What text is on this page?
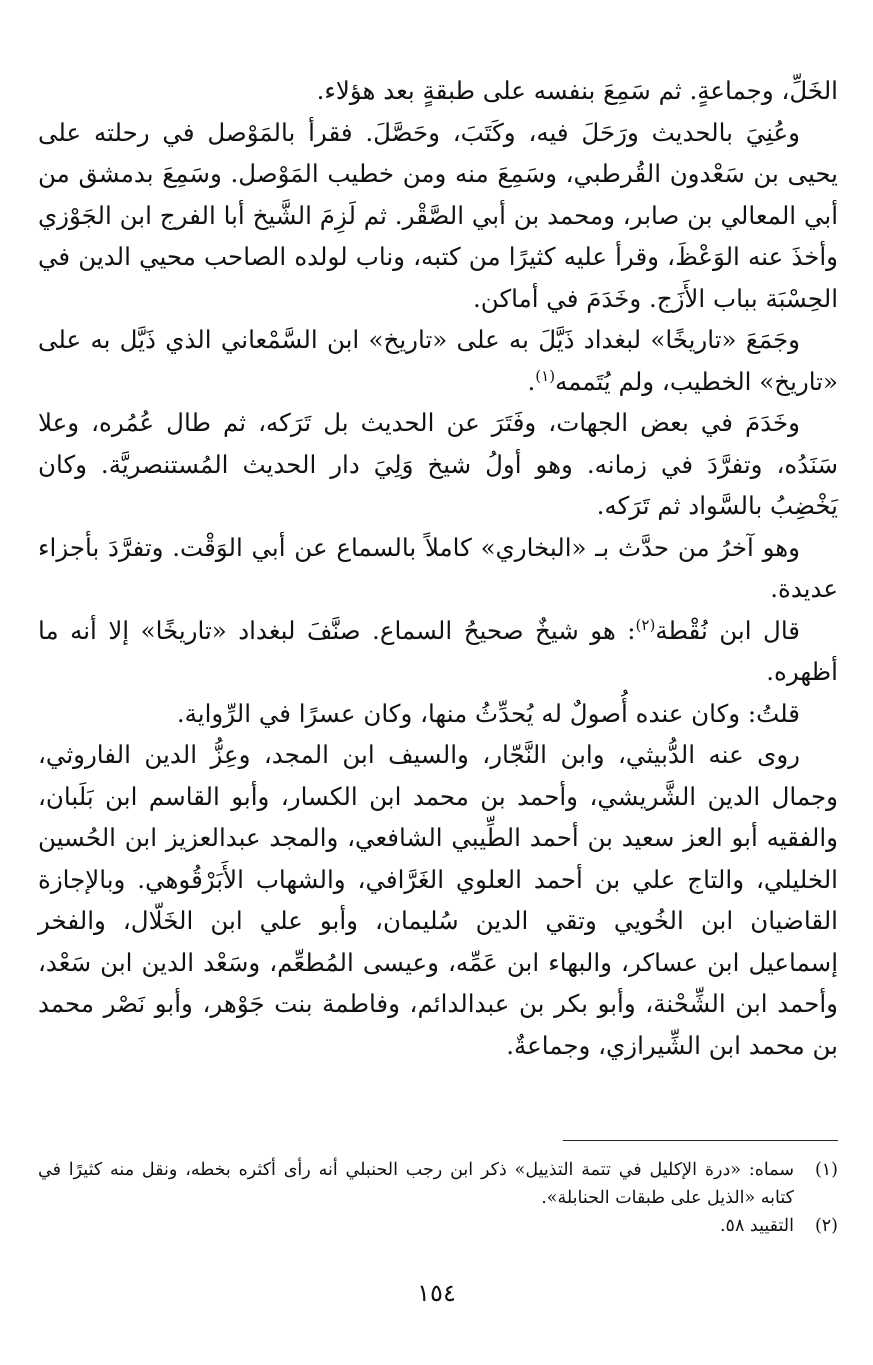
الخَلِّ، وجماعةٍ. ثم سَمِعَ بنفسه على طبقةٍ بعد هؤلاء.

وعُنِيَ بالحديث ورَحَلَ فيه، وكَتَبَ، وحَصَّلَ. فقرأ بالمَوْصل في رحلته على يحيى بن سَعْدون القُرطبي، وسَمِعَ منه ومن خطيب المَوْصل. وسَمِعَ بدمشق من أبي المعالي بن صابر، ومحمد بن أبي الصَّقْر. ثم لَزِمَ الشَّيخ أبا الفرج ابن الجَوْزي وأخذَ عنه الوَعْظَ، وقرأ عليه كثيرًا من كتبه، وناب لولده الصاحب محيي الدين في الحِسْبَة بباب الأَزَج. وخَدَمَ في أماكن.

وجَمَعَ «تاريخًا» لبغداد ذَيَّلَ به على «تاريخ» ابن السَّمْعاني الذي ذَيَّل به على «تاريخ» الخطيب، ولم يُتَممه$^{(١)}$.

وخَدَمَ في بعض الجهات، وفَتَرَ عن الحديث بل تَرَكه، ثم طال عُمُره، وعلا سَنَدُه، وتفرَّدَ في زمانه. وهو أولُ شيخ وَلِيَ دار الحديث المُستنصريَّة. وكان يَخْضِبُ بالسَّواد ثم تَرَكه.

وهو آخرُ من حدَّث بـ «البخاري» كاملاً بالسماع عن أبي الوَقْت. وتفرَّدَ بأجزاء عديدة.

قال ابن نُقْطة$^{(٢)}$: هو شيخٌ صحيحُ السماع. صنَّفَ لبغداد «تاريخًا» إلا أنه ما أظهره.

قلتُ: وكان عنده أُصولٌ له يُحدِّثُ منها، وكان عسرًا في الرِّواية.

روى عنه الدُّبيثي، وابن النَّجّار، والسيف ابن المجد، وعِزُّ الدين الفاروثي، وجمال الدين الشَّريشي، وأحمد بن محمد ابن الكسار، وأبو القاسم ابن بَلَبان، والفقيه أبو العز سعيد بن أحمد الطِّيبي الشافعي، والمجد عبدالعزيز ابن الحُسين الخليلي، والتاج علي بن أحمد العلوي الغَرَّافي، والشهاب الأَبَرْقُوهي. وبالإجازة القاضيان ابن الخُويي وتقي الدين سُليمان، وأبو علي ابن الخَلّال، والفخر إسماعيل ابن عساكر، والبهاء ابن عَمِّه، وعيسى المُطعِّم، وسَعْد الدين ابن سَعْد، وأحمد ابن الشِّحْنة، وأبو بكر بن عبدالدائم، وفاطمة بنت جَوْهر، وأبو نَصْر محمد بن محمد ابن الشِّيرازي، وجماعةٌ.

(١)
سماه: «درة الإكليل في تتمة التذييل» ذكر ابن رجب الحنبلي أنه رأى أكثره بخطه، ونقل منه كثيرًا في كتابه «الذيل على طبقات الحنابلة».
(٢)
التقييد ٥٨.
١٥٤
